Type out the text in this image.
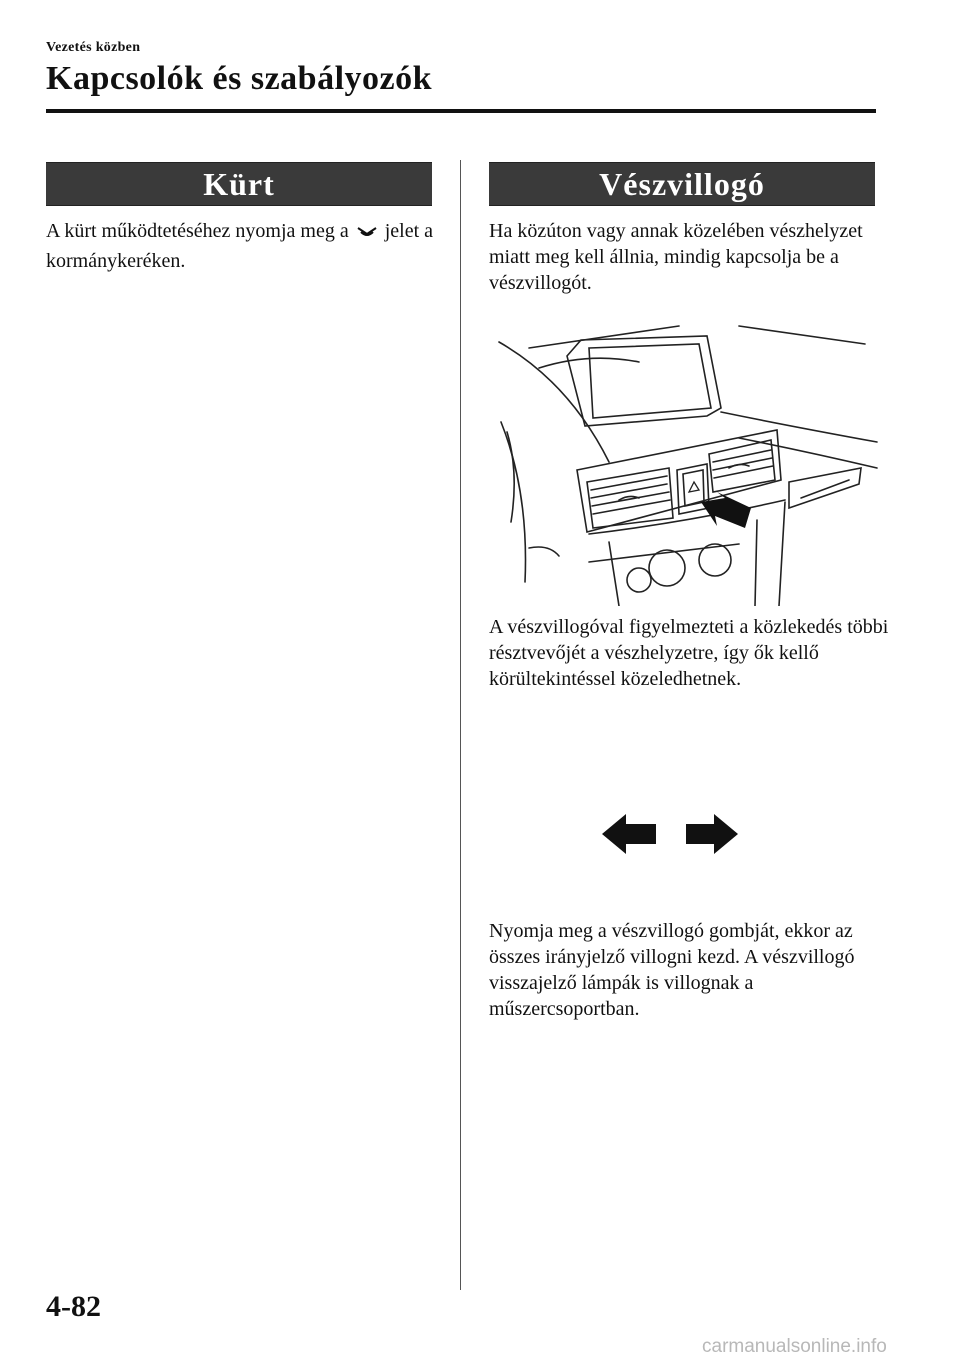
Vezetés közben
Kapcsolók és szabályozók
Kürt
A kürt működtetéséhez nyomja meg a jelet a kormánykeréken.
Vészvillogó
Ha közúton vagy annak közelében vészhelyzet miatt meg kell állnia, mindig kapcsolja be a vészvillogót.
A vészvillogóval figyelmezteti a közlekedés többi résztvevőjét a vészhelyzetre, így ők kellő körültekintéssel közeledhetnek.
Nyomja meg a vészvillogó gombját, ekkor az összes irányjelző villogni kezd. A vészvillogó visszajelző lámpák is villognak a műszercsoportban.
4-82
carmanualsonline.info
